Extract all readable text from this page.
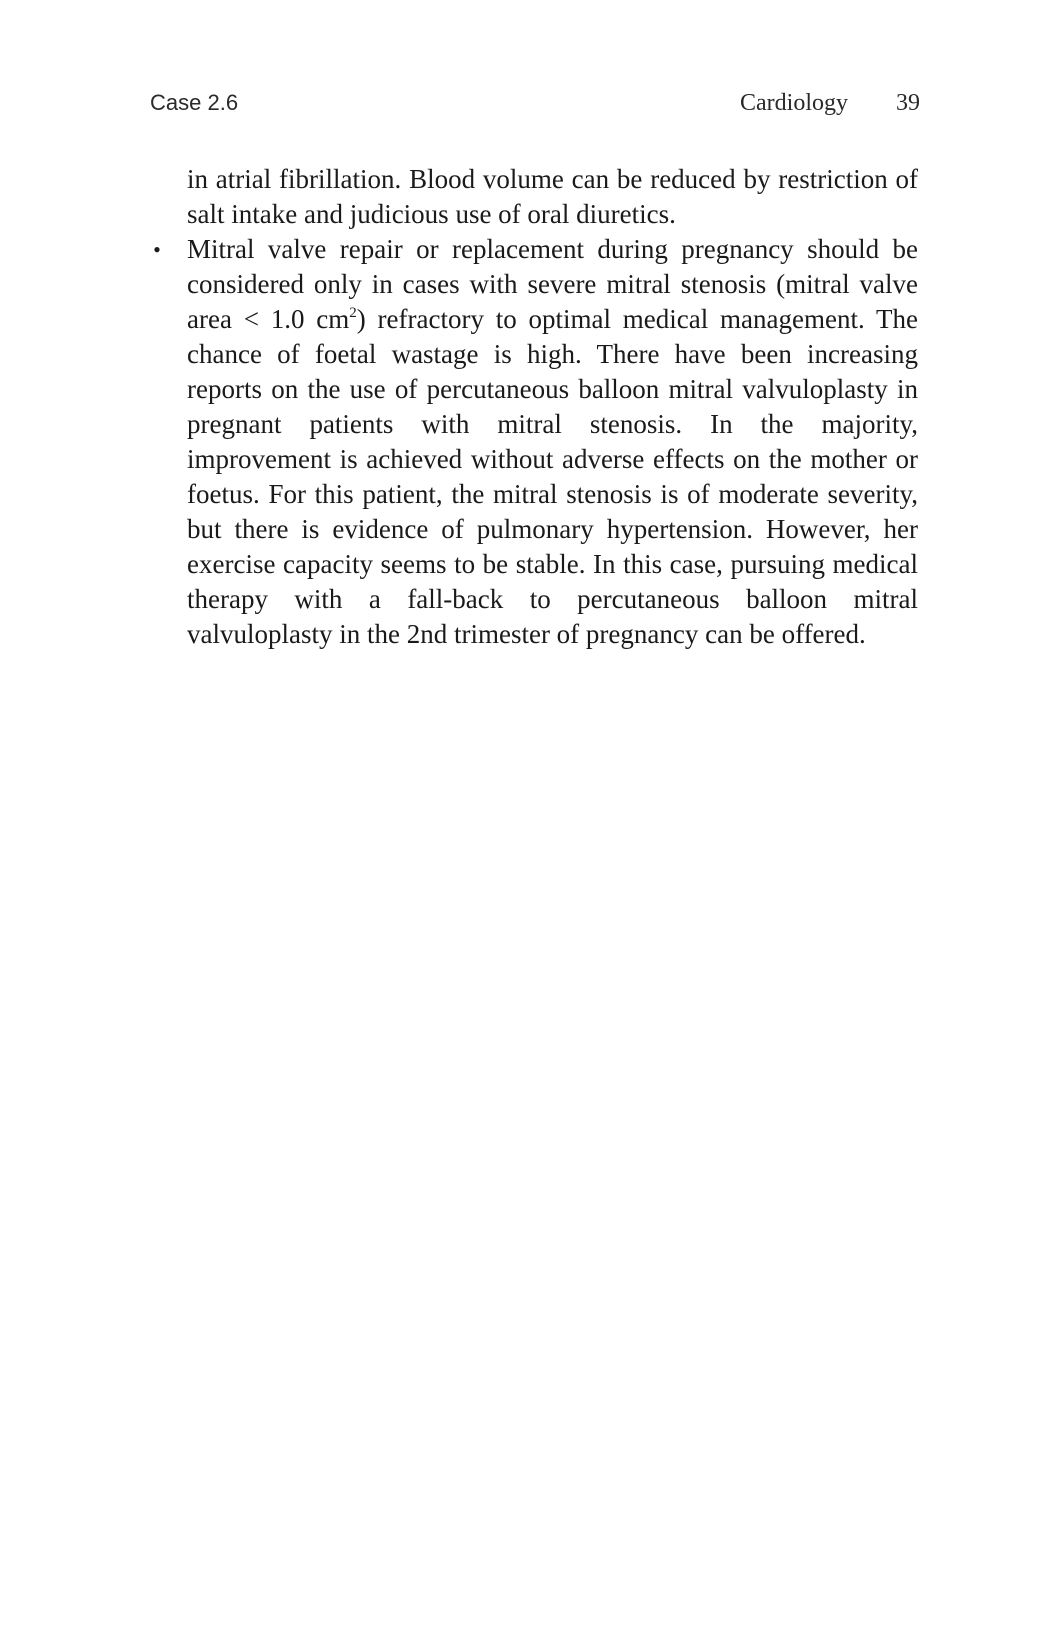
Case 2.6	Cardiology 39

in atrial fibrillation. Blood volume can be reduced by restriction of salt intake and judicious use of oral diuretics.

• Mitral valve repair or replacement during pregnancy should be considered only in cases with severe mitral stenosis (mitral valve area < 1.0 $cm^2$) refractory to optimal medical management. The chance of foetal wastage is high. There have been increasing reports on the use of percutaneous balloon mitral valvuloplasty in pregnant patients with mitral stenosis. In the majority, improvement is achieved without adverse effects on the mother or foetus. For this patient, the mitral stenosis is of moderate severity, but there is evidence of pulmonary hypertension. However, her exercise capacity seems to be stable. In this case, pursuing medical therapy with a fall-back to percutaneous balloon mitral valvuloplasty in the 2nd trimester of pregnancy can be offered.
